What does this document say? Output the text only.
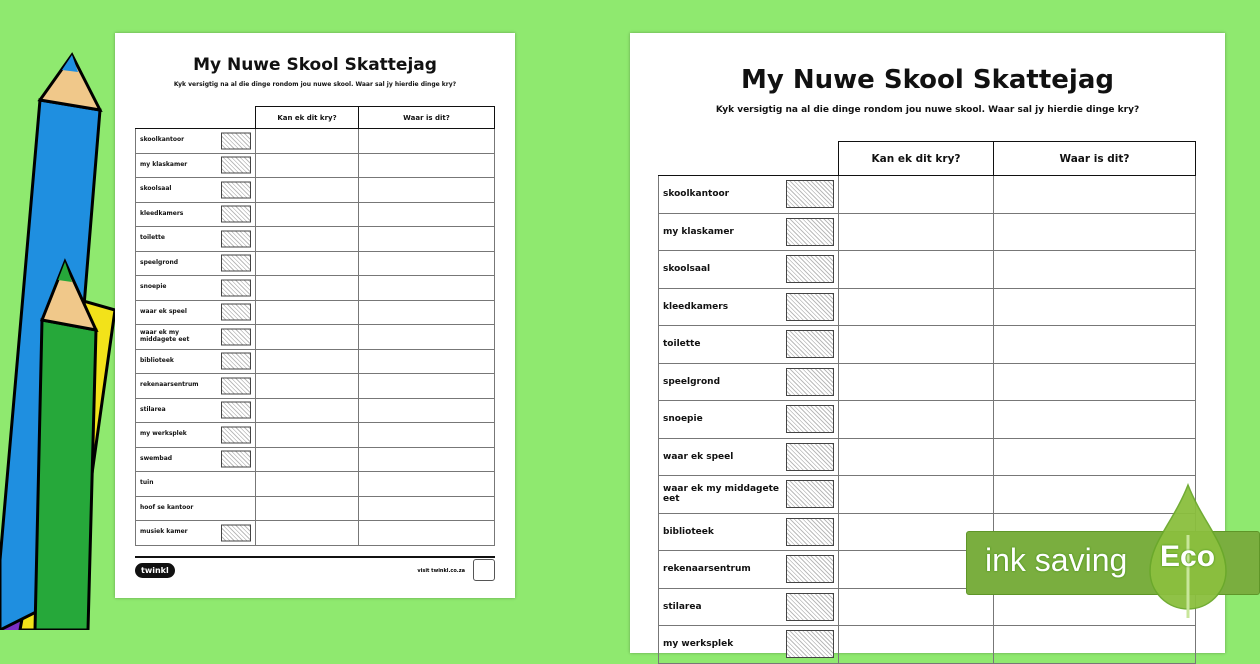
My Nuwe Skool Skattejag
Kyk versigtig na al die dinge rondom jou nuwe skool. Waar sal jy hierdie dinge kry?
	Kan ek dit kry?	Waar is dit?

skoolkantoor		

my klaskamer		

skoolsaal		

kleedkamers		

toilette		

speelgrond		

snoepie		

waar ek speel		

waar ek my middagete eet		

biblioteek		

rekenaarsentrum		

stilarea		

my werksplek		

swembad		

tuin		

hoof se kantoor		

musiek kamer		

twinkl	visit twinkl.co.za
My Nuwe Skool Skattejag
Kyk versigtig na al die dinge rondom jou nuwe skool. Waar sal jy hierdie dinge kry?
	Kan ek dit kry?	Waar is dit?

skoolkantoor		

my klaskamer		

skoolsaal		

kleedkamers		

toilette		

speelgrond		

snoepie		

waar ek speel		

waar ek my middagete eet		

biblioteek		

rekenaarsentrum		

stilarea		

my werksplek		

ink saving Eco
